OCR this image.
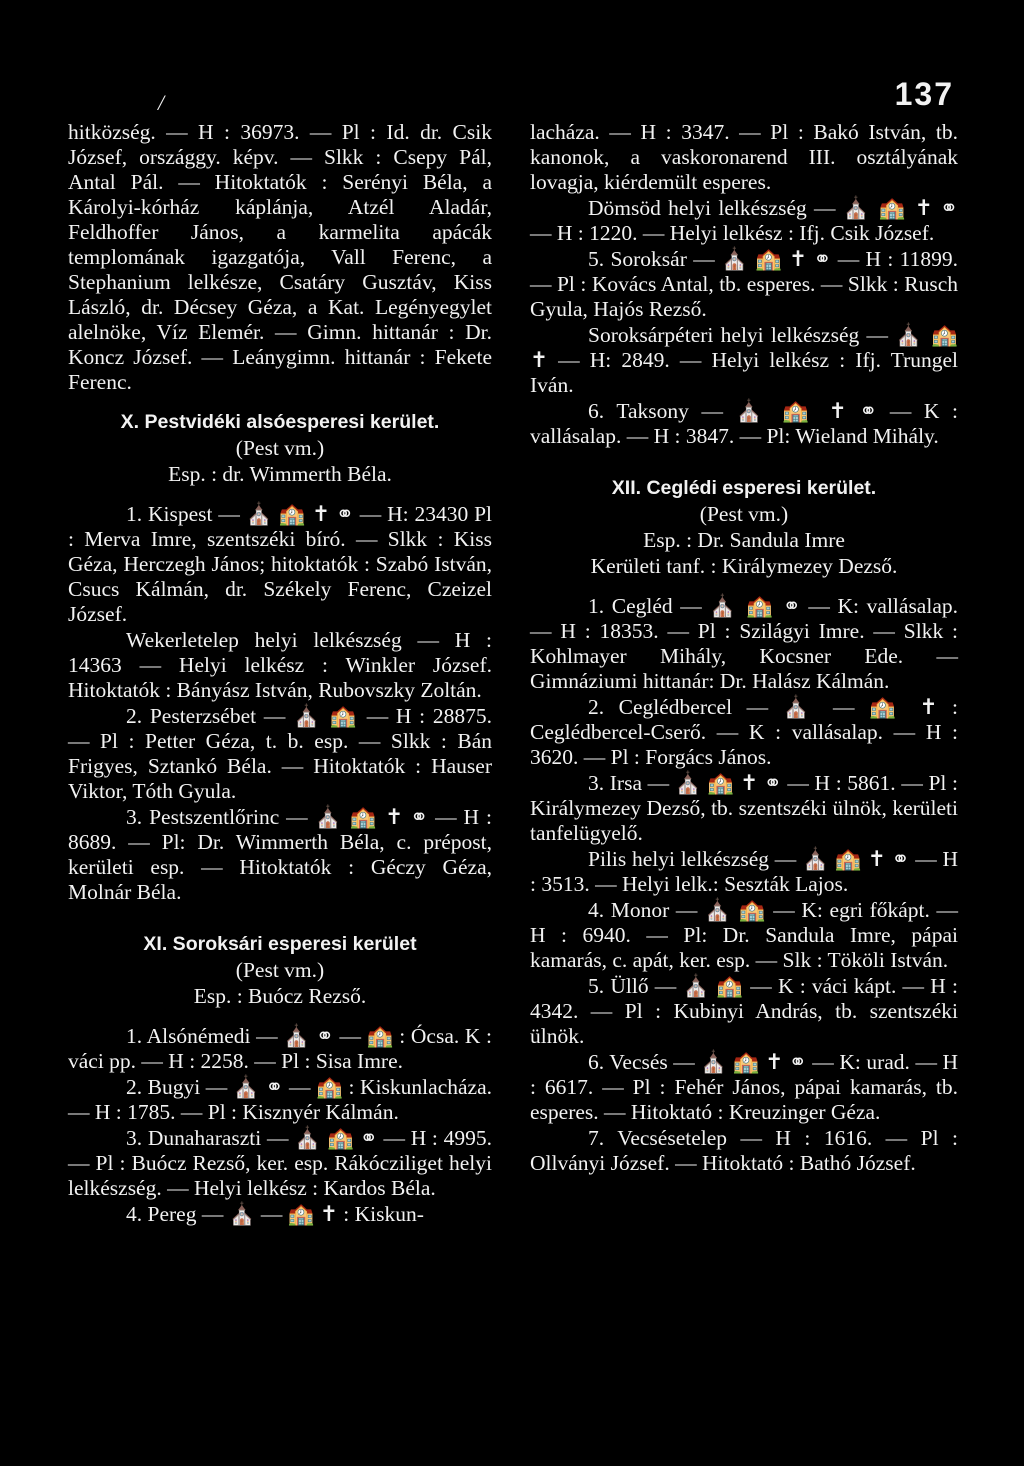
137
/

hitközség. — H : 36973. — Pl : Id. dr. Csik József, országgy. képv. — Slkk : Csepy Pál, Antal Pál. — Hitoktatók : Serényi Béla, a Károlyi-kórház káplánja, Atzél Aladár, Feldhoffer János, a karmelita apácák templomának igazgatója, Vall Ferenc, a Stephanium lelkésze, Csatáry Gusztáv, Kiss László, dr. Décsey Géza, a Kat. Legényegylet alelnöke, Víz Elemér. — Gimn. hittanár : Dr. Koncz József. — Leánygimn. hittanár : Fekete Ferenc.

X. Pestvidéki alsóesperesi kerület.

(Pest vm.)

Esp. : dr. Wimmerth Béla.

1. Kispest — ⛪ 🏫 ✝ ⚭ — H: 23430 Pl : Merva Imre, szentszéki bíró. — Slkk : Kiss Géza, Herczegh János; hitoktatók : Szabó István, Csucs Kálmán, dr. Székely Ferenc, Czeizel József.

Wekerletelep helyi lelkészség — H : 14363 — Helyi lelkész : Winkler József. Hitoktatók : Bányász István, Rubovszky Zoltán.

2. Pesterzsébet — ⛪ 🏫 — H : 28875. — Pl : Petter Géza, t. b. esp. — Slkk : Bán Frigyes, Sztankó Béla. — Hitoktatók : Hauser Viktor, Tóth Gyula.

3. Pestszentlőrinc — ⛪ 🏫 ✝ ⚭ — H : 8689. — Pl: Dr. Wimmerth Béla, c. prépost, kerületi esp. — Hitoktatók : Géczy Géza, Molnár Béla.

XI. Soroksári esperesi kerület

(Pest vm.)

Esp. : Buócz Rezső.

1. Alsónémedi — ⛪ ⚭ — 🏫 : Ócsa. K : váci pp. — H : 2258. — Pl : Sisa Imre.

2. Bugyi — ⛪ ⚭ — 🏫 : Kiskunlacháza. — H : 1785. — Pl : Kisznyér Kálmán.

3. Dunaharaszti — ⛪ 🏫 ⚭ — H : 4995. — Pl : Buócz Rezső, ker. esp. Rákócziliget helyi lelkészség. — Helyi lelkész : Kardos Béla.

4. Pereg — ⛪ — 🏫 ✝ : Kiskun-

lacháza. — H : 3347. — Pl : Bakó István, tb. kanonok, a vaskoronarend III. osztályának lovagja, kiérdemült esperes.

Dömsöd helyi lelkészség — ⛪ 🏫 ✝ ⚭ — H : 1220. — Helyi lelkész : Ifj. Csik József.

5. Soroksár — ⛪ 🏫 ✝ ⚭ — H : 11899. — Pl : Kovács Antal, tb. esperes. — Slkk : Rusch Gyula, Hajós Rezső.

Soroksárpéteri helyi lelkészség — ⛪ 🏫 ✝ — H: 2849. — Helyi lelkész : Ifj. Trungel Iván.

6. Taksony — ⛪ 🏫 ✝ ⚭ — K : vallásalap. — H : 3847. — Pl: Wieland Mihály.

XII. Ceglédi esperesi kerület.

(Pest vm.)

Esp. : Dr. Sandula Imre

Kerületi tanf. : Királymezey Dezső.

1. Cegléd — ⛪ 🏫 ⚭ — K: vallásalap. — H : 18353. — Pl : Szilágyi Imre. — Slkk : Kohlmayer Mihály, Kocsner Ede. — Gimnáziumi hittanár: Dr. Halász Kálmán.

2. Ceglédbercel — ⛪ — 🏫 ✝ : Ceglédbercel-Cserő. — K : vallásalap. — H : 3620. — Pl : Forgács János.

3. Irsa — ⛪ 🏫 ✝ ⚭ — H : 5861. — Pl : Királymezey Dezső, tb. szentszéki ülnök, kerületi tanfelügyelő.

Pilis helyi lelkészség — ⛪ 🏫 ✝ ⚭ — H : 3513. — Helyi lelk.: Seszták Lajos.

4. Monor — ⛪ 🏫 — K: egri főkápt. — H : 6940. — Pl: Dr. Sandula Imre, pápai kamarás, c. apát, ker. esp. — Slk : Tököli István.

5. Üllő — ⛪ 🏫 — K : váci kápt. — H : 4342. — Pl : Kubinyi András, tb. szentszéki ülnök.

6. Vecsés — ⛪ 🏫 ✝ ⚭ — K: urad. — H : 6617. — Pl : Fehér János, pápai kamarás, tb. esperes. — Hitoktató : Kreuzinger Géza.

7. Vecsésetelep — H : 1616. — Pl : Ollványi József. — Hitoktató : Bathó József.
